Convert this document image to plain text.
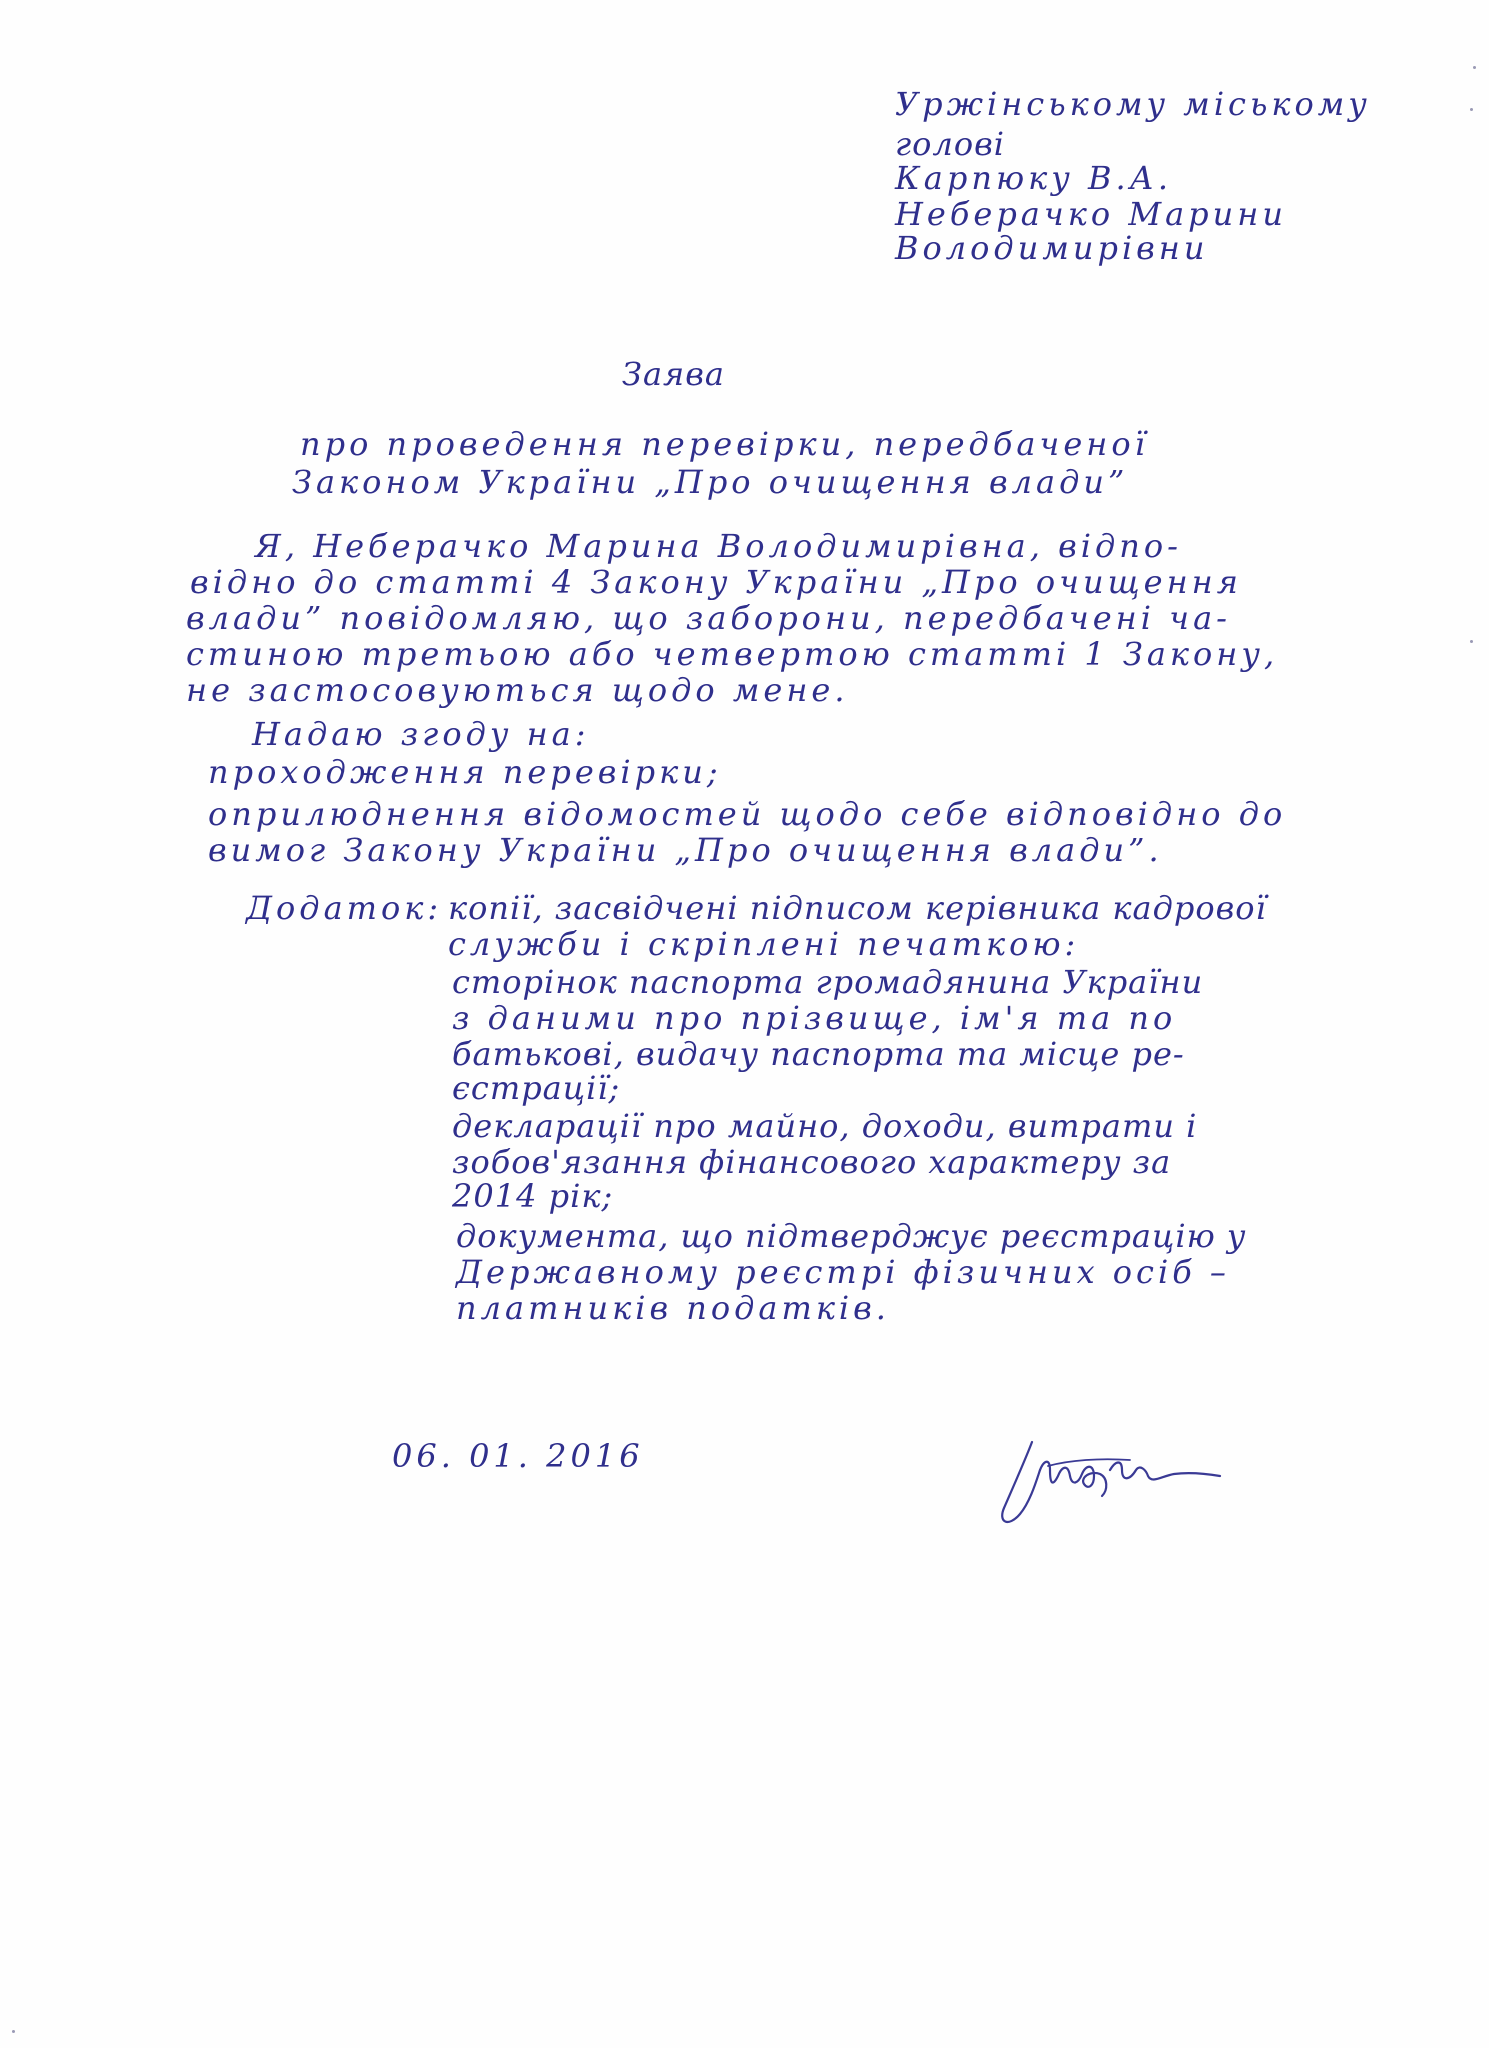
Уржінському міському

голові

Карпюку В.А.

Неберачко Марини

Володимирівни

Заява

про проведення перевірки, передбаченої

Законом України „Про очищення влади”

Я, Неберачко Марина Володимирівна, відпо-

відно до статті 4 Закону України „Про очищення

влади” повідомляю, що заборони, передбачені ча-

стиною третьою або четвертою статті 1 Закону,

не застосовуються щодо мене.

Надаю згоду на:

проходження перевірки;

оприлюднення відомостей щодо себе відповідно до

вимог Закону України „Про очищення влади”.

Додаток: копії, засвідчені підписом керівника кадрової

служби і скріплені печаткою:

сторінок паспорта громадянина України

з даними про прізвище, ім'я та по

батькові, видачу паспорта та місце ре-

єстрації;

декларації про майно, доходи, витрати і

зобов'язання фінансового характеру за

2014 рік;

документа, що підтверджує реєстрацію у

Державному реєстрі фізичних осіб –

платників податків.

06. 01. 2016
